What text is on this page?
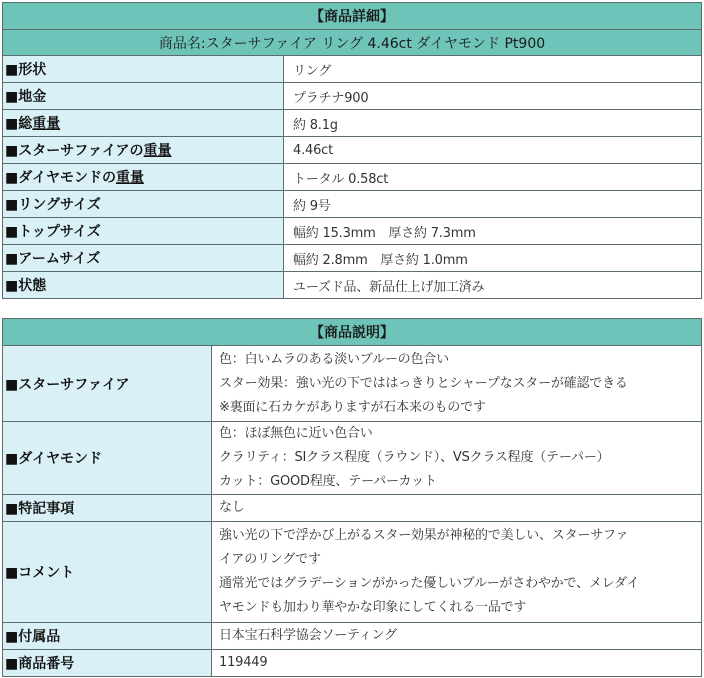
【商品詳細】	
商品名:スターサファイア リング 4.46ct ダイヤモンド Pt900	
■形状	リング
■地金	プラチナ900
■総重量	約 8.1g
■スターサファイアの重量	4.46ct
■ダイヤモンドの重量	トータル 0.58ct
■リングサイズ	約 9号
■トップサイズ	幅約 15.3mm　厚さ約 7.3mm
■アームサイズ	幅約 2.8mm　厚さ約 1.0mm
■状態	ユーズド品、新品仕上げ加工済み
【商品説明】	
■スターサファイア	色：白いムラのある淡いブルーの色合い
スター効果：強い光の下でははっきりとシャープなスターが確認できる
※裏面に石カケがありますが石本来のものです

■ダイヤモンド	色：ほぼ無色に近い色合い
クラリティ：SIクラス程度（ラウンド）、VSクラス程度（テーパー）
カット：GOOD程度、テーパーカット

■特記事項	なし

■コメント	強い光の下で浮かび上がるスター効果が神秘的で美しい、スターサファ
イアのリングです
通常光ではグラデーションがかった優しいブルーがさわやかで、メレダイ
ヤモンドも加わり華やかな印象にしてくれる一品です

■付属品	日本宝石科学協会ソーティング

■商品番号	119449
